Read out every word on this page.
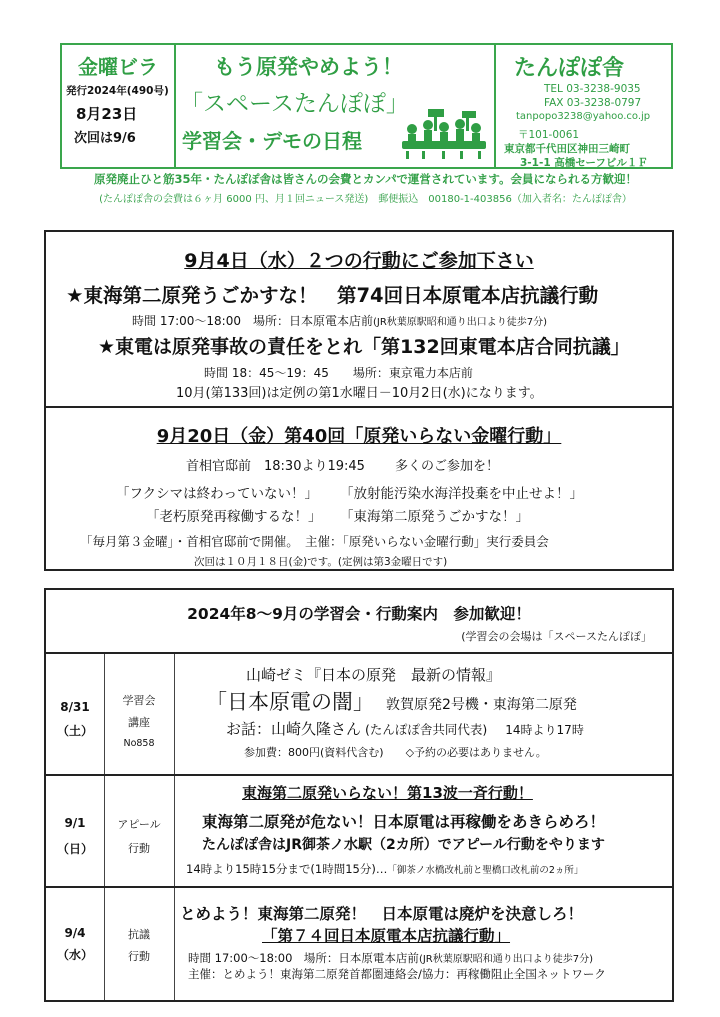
金曜ビラ
発行2024年(490号)
8月23日
次回は9/6
もう原発やめよう！
「スペースたんぽぽ」
学習会・デモの日程
たんぽぽ舎
TEL 03-3238-9035
FAX 03-3238-0797
tanpopo3238@yahoo.co.jp
〒101-0061
東京都千代田区神田三崎町
3-1-1 高橋セーフビル１Ｆ
原発廃止ひと筋35年・たんぽぽ舎は皆さんの会費とカンパで運営されています。会員になられる方歓迎！
(たんぽぽ舎の会費は６ヶ月 6000 円、月１回ニュース発送)　郵便振込　00180-1-403856（加入者名：たんぽぽ舎）
9月4日（水）２つの行動にご参加下さい
★東海第二原発うごかすな！　第74回日本原電本店抗議行動
時間 17:00～18:00　場所：日本原電本店前(JR秋葉原駅昭和通り出口より徒歩7分)
★東電は原発事故の責任をとれ「第132回東電本店合同抗議」
時間 18：45～19：45　　場所：東京電力本店前
10月(第133回)は定例の第1水曜日－10月2日(水)になります。
9月20日（金）第40回「原発いらない金曜行動」
首相官邸前　18:30より19:45　　 多くのご参加を！
「フクシマは終わっていない！」 「放射能汚染水海洋投棄を中止せよ！」
「老朽原発再稼働するな！」 「東海第二原発うごかすな！」
「毎月第３金曜」・首相官邸前で開催。　主催：「原発いらない金曜行動」実行委員会
次回は１０月１８日(金)です。(定例は第3金曜日です)
2024年8～9月の学習会・行動案内　参加歓迎！
(学習会の会場は「スペースたんぽぽ」
8/31
（土）
学習会
講座
No858
山崎ゼミ『日本の原発　最新の情報』
「日本原電の闇」 敦賀原発2号機・東海第二原発
お話：山崎久隆さん (たんぽぽ舎共同代表) 14時より17時
参加費：800円(資料代含む) ◇予約の必要はありません。
9/1
（日）
アピール
行動
東海第二原発いらない！第13波一斉行動！
東海第二原発が危ない！日本原電は再稼働をあきらめろ！
たんぽぽ舎はJR御茶ノ水駅（2カ所）でアピール行動をやります
14時より15時15分まで(1時間15分)…「御茶ノ水橋改札前と聖橋口改札前の2ヵ所」
9/4
（水）
抗議
行動
とめよう！東海第二原発！　日本原電は廃炉を決意しろ！
「第７４回日本原電本店抗議行動」
時間 17:00～18:00　場所：日本原電本店前(JR秋葉原駅昭和通り出口より徒歩7分)
主催：とめよう！東海第二原発首都圏連絡会/協力：再稼働阻止全国ネットワーク
